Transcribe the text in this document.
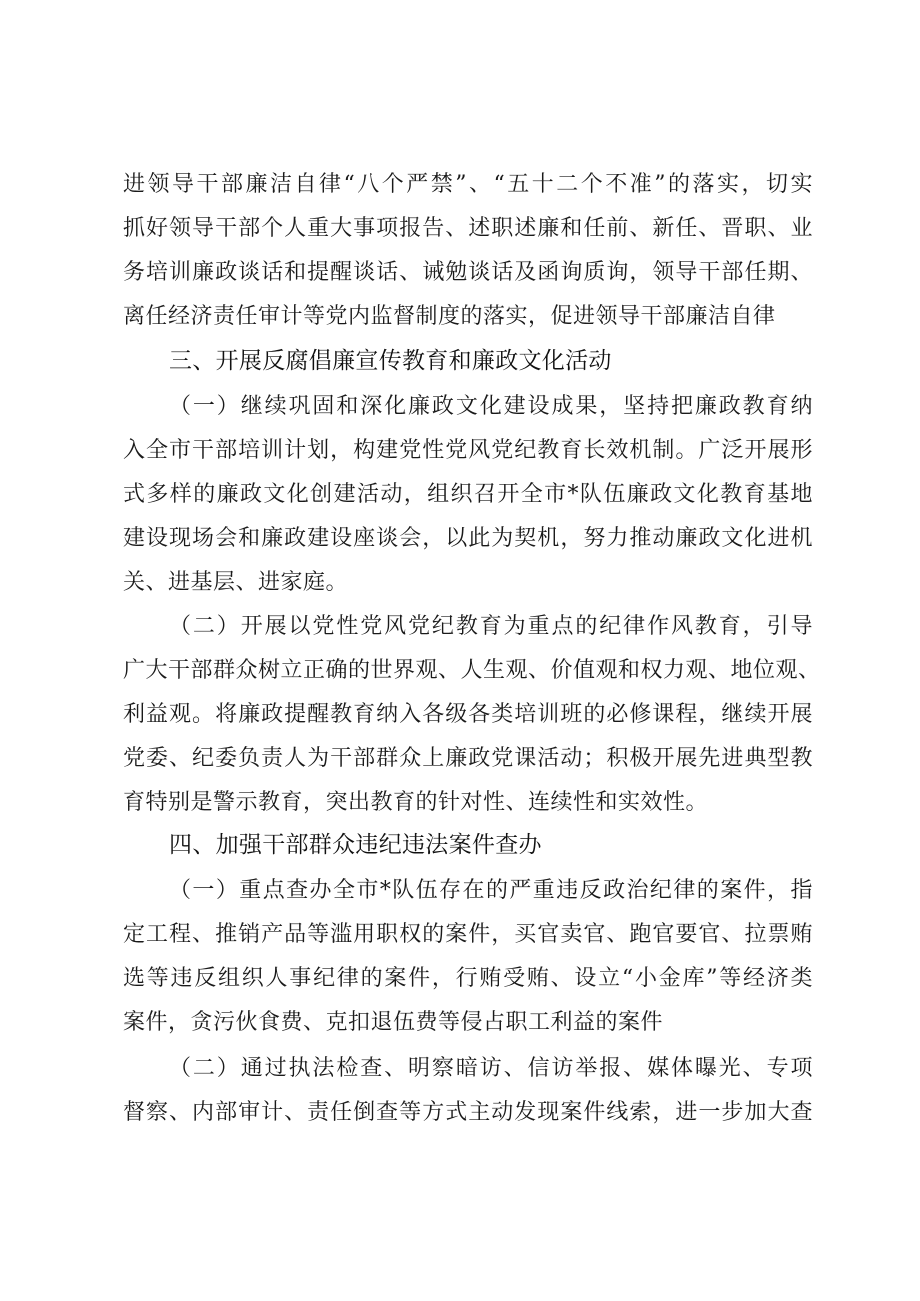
进领导干部廉洁自律“八个严禁”、“五十二个不准”的落实，切实
抓好领导干部个人重大事项报告、述职述廉和任前、新任、晋职、业
务培训廉政谈话和提醒谈话、诫勉谈话及函询质询，领导干部任期、
离任经济责任审计等党内监督制度的落实，促进领导干部廉洁自律
三、开展反腐倡廉宣传教育和廉政文化活动
（一）继续巩固和深化廉政文化建设成果，坚持把廉政教育纳
入全市干部培训计划，构建党性党风党纪教育长效机制。广泛开展形
式多样的廉政文化创建活动，组织召开全市*队伍廉政文化教育基地
建设现场会和廉政建设座谈会，以此为契机，努力推动廉政文化进机
关、进基层、进家庭。
（二）开展以党性党风党纪教育为重点的纪律作风教育，引导
广大干部群众树立正确的世界观、人生观、价值观和权力观、地位观、
利益观。将廉政提醒教育纳入各级各类培训班的必修课程，继续开展
党委、纪委负责人为干部群众上廉政党课活动；积极开展先进典型教
育特别是警示教育，突出教育的针对性、连续性和实效性。
四、加强干部群众违纪违法案件查办
（一）重点查办全市*队伍存在的严重违反政治纪律的案件，指
定工程、推销产品等滥用职权的案件，买官卖官、跑官要官、拉票贿
选等违反组织人事纪律的案件，行贿受贿、设立“小金库”等经济类
案件，贪污伙食费、克扣退伍费等侵占职工利益的案件
（二）通过执法检查、明察暗访、信访举报、媒体曝光、专项
督察、内部审计、责任倒查等方式主动发现案件线索，进一步加大查
